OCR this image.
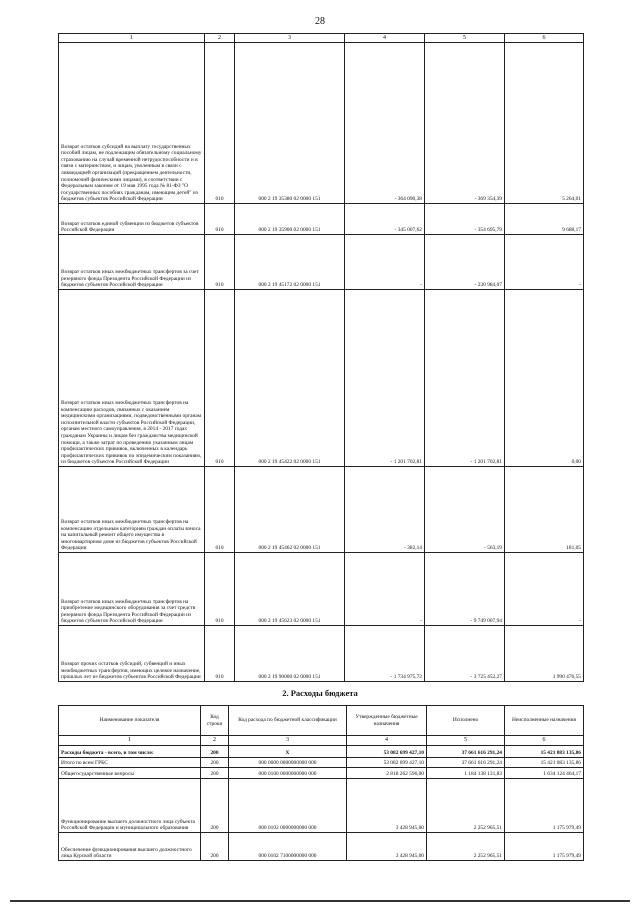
28
1	2	3	4	5	6
Возврат остатков субсидий на выплату государственных пособий лицам, не подлежащим обязательному социальному страхованию на случай временной нетрудоспособности и в связи с материнством, и лицам, уволенным в связи с ликвидацией организаций (прекращением деятельности, полномочий физическими лицами), в соответствии с Федеральным законом от 19 мая 1995 года № 81-ФЗ "О государственных пособиях гражданам, имеющим детей" из бюджетов субъектов Российской Федерации	010	000 2 19 35380 02 0000 151	- 364 090,38	- 369 354,39	5 264,01
Возврат остатков единой субвенции из бюджетов субъектов Российской Федерации	010	000 2 19 35900 02 0000 151	- 345 007,62	- 354 695,79	9 688,17
Возврат остатков иных межбюджетных трансфертов за счет резервного фонда Президента Российской Федерации из бюджетов субъектов Российской Федерации	010	000 2 19 45172 02 0000 151	-	- 230 984,07	-
Возврат остатков иных межбюджетных трансфертов на компенсацию расходов, связанных с оказанием медицинскими организациями, подведомственными органам исполнительной власти субъектов Российской Федерации, органам местного самоуправления, в 2014 - 2017 годах гражданам Украины и лицам без гражданства медицинской помощи, а также затрат по проведению указанным лицам профилактических прививок, включенных в календарь профилактических прививок по эпидемическим показаниям, из бюджетов субъектов Российской Федерации	010	000 2 19 45422 02 0000 151	- 1 201 702,81	- 1 201 702,81	0,00
Возврат остатков иных межбюджетных трансфертов на компенсацию отдельным категориям граждан оплаты взноса на капитальный ремонт общего имущества в многоквартирном доме из бюджетов субъектов Российской Федерации	010	000 2 19 45462 02 0000 151	- 382,14	- 563,19	181,05
Возврат остатков иных межбюджетных трансфертов на приобретение медицинского оборудования за счет средств резервного фонда Президента Российской Федерации из бюджетов субъектов Российской Федерации	010	000 2 19 45623 02 0000 151	-	- 9 749 007,94	-
Возврат прочих остатков субсидий, субвенций и иных межбюджетных трансфертов, имеющих целевое назначение, прошлых лет из бюджетов субъектов Российской Федерации	010	000 2 19 90000 02 0000 151	- 1 734 975,72	- 3 725 452,27	1 990 476,55
2. Расходы бюджета
Наименование показателя	Код строки	Код расхода по бюджетной классификации	Утвержденные бюджетные назначения	Исполнено	Неисполненные назначения
1	2	3	4	5	6
Расходы бюджета - всего, в том числе:	200	X	53 082 699 427,10	37 661 616 291,24	15 421 083 135,86
Итого по всем ГРБС	200	000 0000 0000000000 000	53 082 699 427,10	37 661 616 291,24	15 421 083 135,86
Общегосударственные вопросы	200	000 0100 0000000000 000	2 818 262 596,00	1 184 138 131,83	1 634 124 464,17
Функционирование высшего должностного лица субъекта Российской Федерации и муниципального образования	200	000 0102 0000000000 000	3 428 945,00	2 252 965,51	1 175 979,49
Обеспечение функционирования высшего должностного лица Курской области	200	000 0102 7100000000 000	3 428 945,00	2 252 965,51	1 175 979,49
